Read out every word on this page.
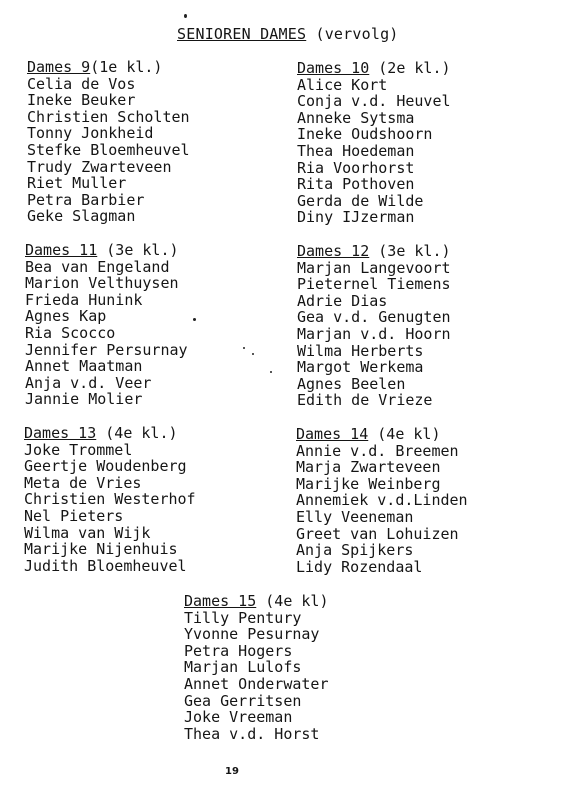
SENIOREN DAMES (vervolg)
Dames 9(1e kl.)
Celia de Vos
Ineke Beuker
Christien Scholten
Tonny Jonkheid
Stefke Bloemheuvel
Trudy Zwarteveen
Riet Muller
Petra Barbier
Geke Slagman
Dames 10 (2e kl.)
Alice Kort
Conja v.d. Heuvel
Anneke Sytsma
Ineke Oudshoorn
Thea Hoedeman
Ria Voorhorst
Rita Pothoven
Gerda de Wilde
Diny IJzerman
Dames 11 (3e kl.)
Bea van Engeland
Marion Velthuysen
Frieda Hunink
Agnes Kap
Ria Scocco
Jennifer Persurnay
Annet Maatman
Anja v.d. Veer
Jannie Molier
Dames 12 (3e kl.)
Marjan Langevoort
Pieternel Tiemens
Adrie Dias
Gea v.d. Genugten
Marjan v.d. Hoorn
Wilma Herberts
Margot Werkema
Agnes Beelen
Edith de Vrieze
Dames 13 (4e kl.)
Joke Trommel
Geertje Woudenberg
Meta de Vries
Christien Westerhof
Nel Pieters
Wilma van Wijk
Marijke Nijenhuis
Judith Bloemheuvel
Dames 14 (4e kl)
Annie v.d. Breemen
Marja Zwarteveen
Marijke Weinberg
Annemiek v.d.Linden
Elly Veeneman
Greet van Lohuizen
Anja Spijkers
Lidy Rozendaal
Dames 15 (4e kl)
Tilly Pentury
Yvonne Pesurnay
Petra Hogers
Marjan Lulofs
Annet Onderwater
Gea Gerritsen
Joke Vreeman
Thea v.d. Horst
19
